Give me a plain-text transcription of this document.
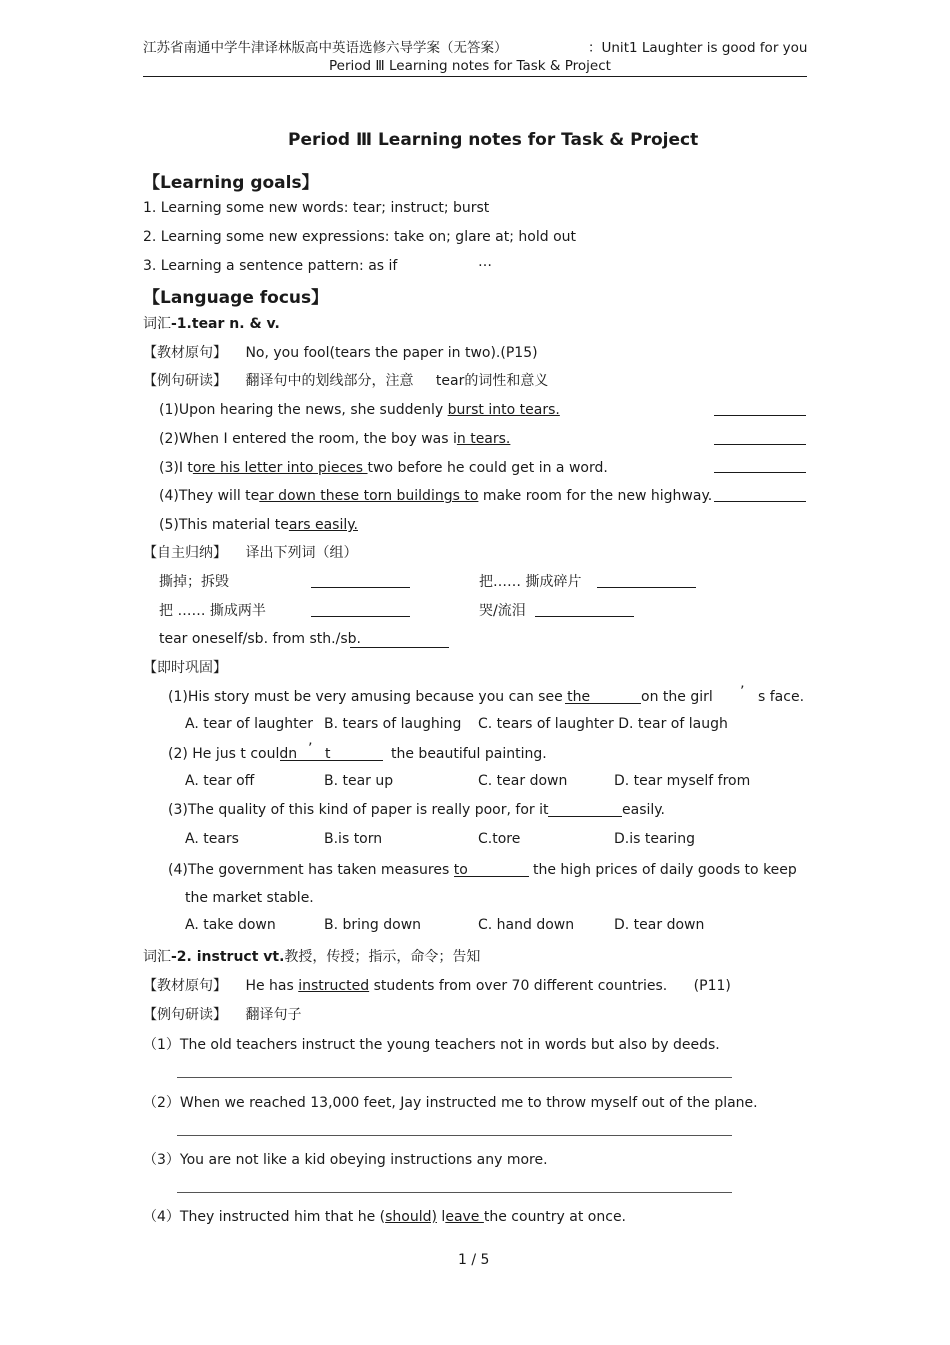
江苏省南通中学牛津译林版高中英语选修六导学案（无答案）	：Unit1 Laughter is good for you
Period Ⅲ Learning notes for Task & Project
Period Ⅲ Learning notes for Task & Project
【Learning goals】
1. Learning some new words: tear; instruct; burst
2. Learning some new expressions: take on; glare at; hold out
3. Learning a sentence pattern: as if	…
【Language focus】
词汇-1.tear n. & v.
【教材原句】 No, you fool(tears the paper in two).(P15)
【例句研读】 翻译句中的划线部分，注意 tear的词性和意义
(1)Upon hearing the news, she suddenly burst into tears.
(2)When I entered the room, the boy was in tears.
(3)I tore his letter into pieces two before he could get in a word.
(4)They will tear down these torn buildings to make room for the new highway.
(5)This material tears easily.
【自主归纳】 译出下列词（组）
撕掉；拆毁	把…… 撕成碎片
把 …… 撕成两半	哭/流泪
tear oneself/sb. from sth./sb.
【即时巩固】
(1)His story must be very amusing because you can see the	on the girl ’ s face.
A. tear of laughter B. tears of laughing C. tears of laughter D. tear of laugh
(2) He jus t couldn ’ t	the beautiful painting.
A. tear off	B. tear up	C. tear down	D. tear myself from
(3)The quality of this kind of paper is really poor, for it	easily.
A. tears	B.is torn	C.tore	D.is tearing
(4)The government has taken measures to	the high prices of daily goods to keep
the market stable.
A. take down	B. bring down	C. hand down	D. tear down
词汇-2. instruct vt.教授，传授；指示，命令；告知
【教材原句】 He has instructed students from over 70 different countries. (P11)
【例句研读】 翻译句子
（1）The old teachers instruct the young teachers not in words but also by deeds.
（2）When we reached 13,000 feet, Jay instructed me to throw myself out of the plane.
（3）You are not like a kid obeying instructions any more.
（4）They instructed him that he (should) leave the country at once.
1 / 5
